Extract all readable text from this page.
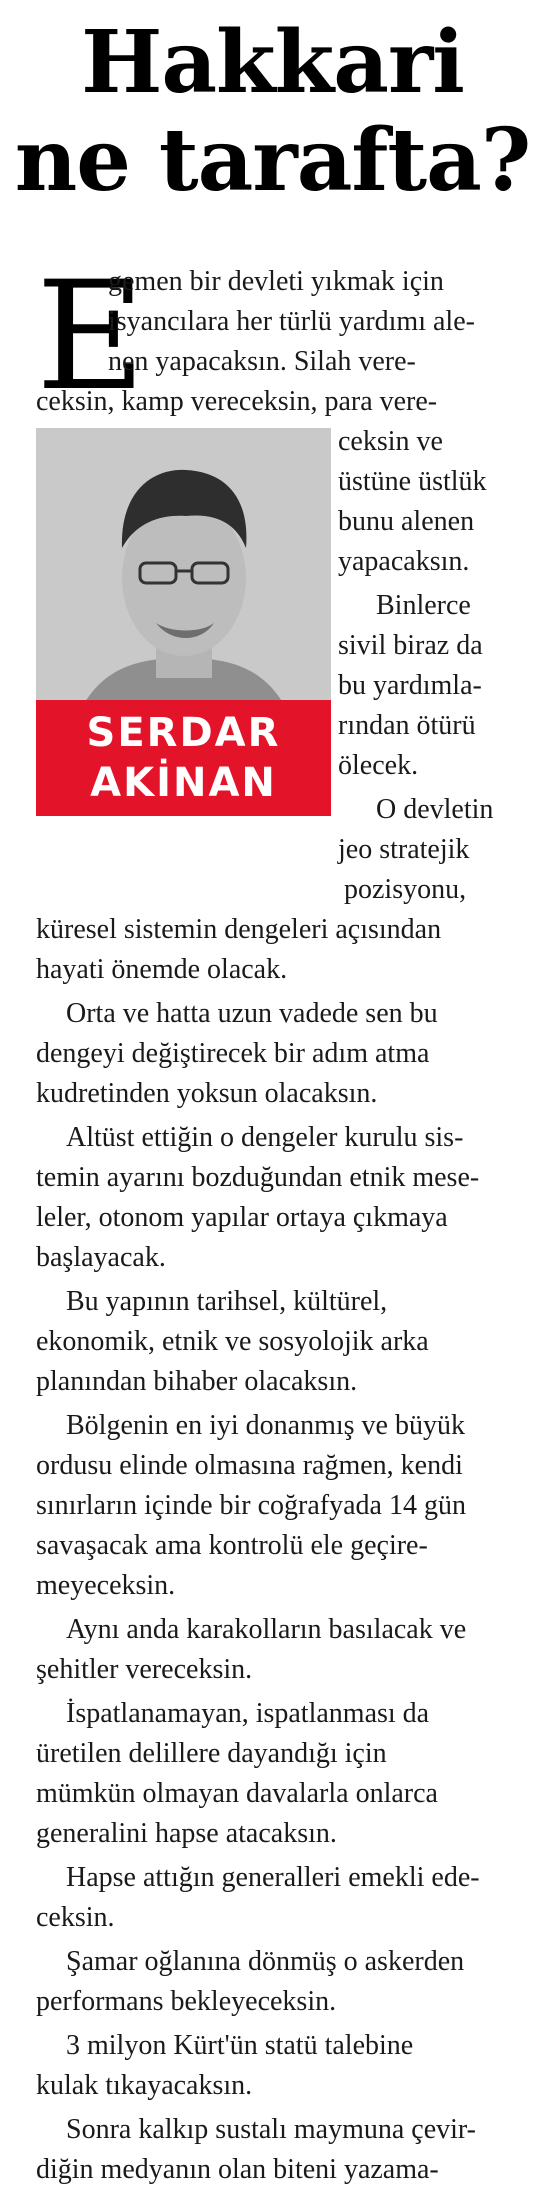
Hakkari
ne tarafta?
E
SERDAR
AKİNAN
gemen bir devleti yıkmak için
isyancılara her türlü yardımı ale-
nen yapacaksın. Silah vere-
ceksin, kamp vereceksin, para vere-
ceksin ve
üstüne üstlük
bunu alenen
yapacaksın.
Binlerce
sivil biraz da
bu yardımla-
rından ötürü
ölecek.
O devletin
jeo stratejik
pozisyonu,
küresel sistemin dengeleri açısından
hayati önemde olacak.
Orta ve hatta uzun vadede sen bu
dengeyi değiştirecek bir adım atma
kudretinden yoksun olacaksın.
Altüst ettiğin o dengeler kurulu sis-
temin ayarını bozduğundan etnik mese-
leler, otonom yapılar ortaya çıkmaya
başlayacak.
Bu yapının tarihsel, kültürel,
ekonomik, etnik ve sosyolojik arka
planından bihaber olacaksın.
Bölgenin en iyi donanmış ve büyük
ordusu elinde olmasına rağmen, kendi
sınırların içinde bir coğrafyada 14 gün
savaşacak ama kontrolü ele geçire-
meyeceksin.
Aynı anda karakolların basılacak ve
şehitler vereceksin.
İspatlanamayan, ispatlanması da
üretilen delillere dayandığı için
mümkün olmayan davalarla onlarca
generalini hapse atacaksın.
Hapse attığın generalleri emekli ede-
ceksin.
Şamar oğlanına dönmüş o askerden
performans bekleyeceksin.
3 milyon Kürt'ün statü talebine
kulak tıkayacaksın.
Sonra kalkıp sustalı maymuna çevir-
diğin medyanın olan biteni yazama-
